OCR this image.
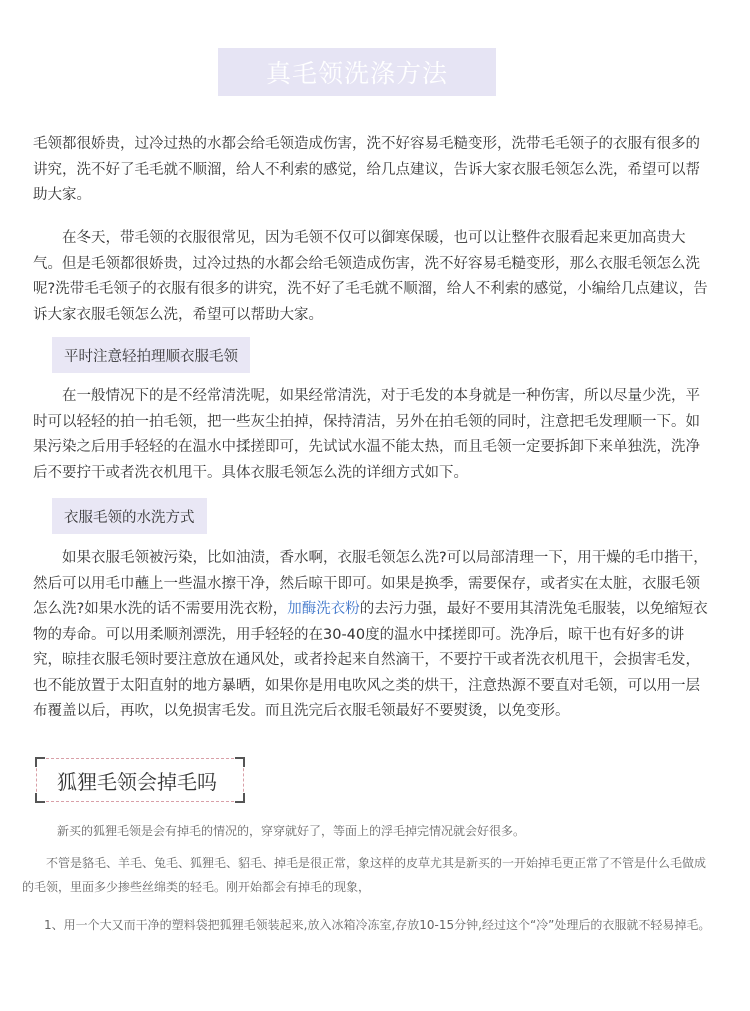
真毛领洗涤方法

毛领都很娇贵，过冷过热的水都会给毛领造成伤害，洗不好容易毛糙变形，洗带毛毛领子的衣服有很多的讲究，洗不好了毛毛就不顺溜，给人不利索的感觉，给几点建议，告诉大家衣服毛领怎么洗，希望可以帮助大家。

在冬天，带毛领的衣服很常见，因为毛领不仅可以御寒保暖，也可以让整件衣服看起来更加高贵大气。但是毛领都很娇贵，过冷过热的水都会给毛领造成伤害，洗不好容易毛糙变形，那么衣服毛领怎么洗呢?洗带毛毛领子的衣服有很多的讲究，洗不好了毛毛就不顺溜，给人不利索的感觉，小编给几点建议，告诉大家衣服毛领怎么洗，希望可以帮助大家。

平时注意轻拍理顺衣服毛领

在一般情况下的是不经常清洗呢，如果经常清洗，对于毛发的本身就是一种伤害，所以尽量少洗，平时可以轻轻的拍一拍毛领，把一些灰尘拍掉，保持清洁，另外在拍毛领的同时，注意把毛发理顺一下。如果污染之后用手轻轻的在温水中揉搓即可，先试试水温不能太热，而且毛领一定要拆卸下来单独洗，洗净后不要拧干或者洗衣机甩干。具体衣服毛领怎么洗的详细方式如下。

衣服毛领的水洗方式

如果衣服毛领被污染，比如油渍，香水啊，衣服毛领怎么洗?可以局部清理一下，用干燥的毛巾揩干，然后可以用毛巾蘸上一些温水擦干净，然后晾干即可。如果是换季，需要保存，或者实在太脏，衣服毛领怎么洗?如果水洗的话不需要用洗衣粉，加酶洗衣粉的去污力强，最好不要用其清洗兔毛服装，以免缩短衣物的寿命。可以用柔顺剂漂洗，用手轻轻的在30-40度的温水中揉搓即可。洗净后，晾干也有好多的讲究，晾挂衣服毛领时要注意放在通风处，或者拎起来自然滴干，不要拧干或者洗衣机甩干，会损害毛发，也不能放置于太阳直射的地方暴晒，如果你是用电吹风之类的烘干，注意热源不要直对毛领，可以用一层布覆盖以后，再吹，以免损害毛发。而且洗完后衣服毛领最好不要熨烫，以免变形。

狐狸毛领会掉毛吗

新买的狐狸毛领是会有掉毛的情况的，穿穿就好了，等面上的浮毛掉完情况就会好很多。

不管是貉毛、羊毛、兔毛、狐狸毛、貂毛、掉毛是很正常，象这样的皮草尤其是新买的一开始掉毛更正常了不管是什么毛做成的毛领，里面多少掺些丝绵类的轻毛。刚开始都会有掉毛的现象，

1、用一个大又而干净的塑料袋把狐狸毛领装起来,放入冰箱冷冻室,存放10-15分钟,经过这个“冷”处理后的衣服就不轻易掉毛。
